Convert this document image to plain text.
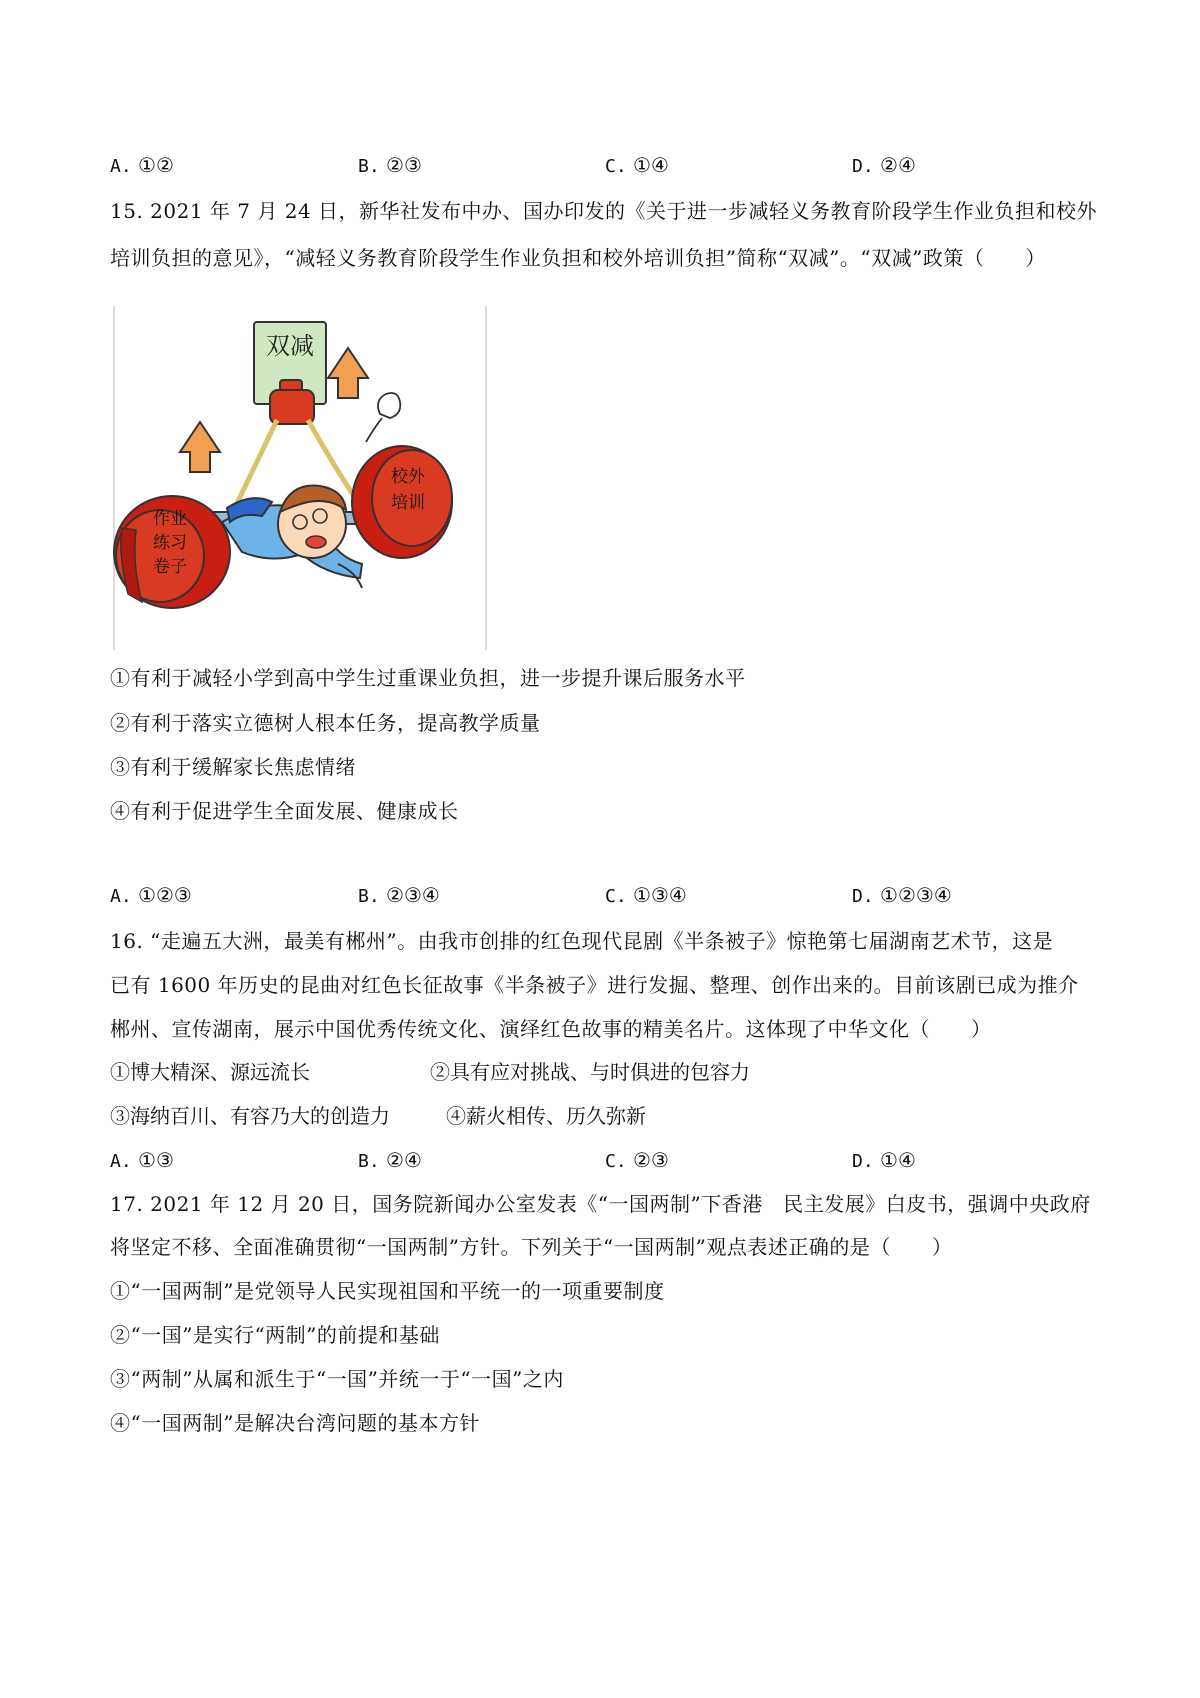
A. ①②	B. ②③	C. ①④	D. ②④
15. 2021 年 7 月 24 日，新华社发布中办、国办印发的《关于进一步减轻义务教育阶段学生作业负担和校外
培训负担的意见》，“减轻义务教育阶段学生作业负担和校外培训负担”简称“双减”。“双减”政策（　　）
双减
作业
练习
卷子
校外
培训
①有利于减轻小学到高中学生过重课业负担，进一步提升课后服务水平
②有利于落实立德树人根本任务，提高教学质量
③有利于缓解家长焦虑情绪
④有利于促进学生全面发展、健康成长
A. ①②③	B. ②③④	C. ①③④	D. ①②③④
16. “走遍五大洲，最美有郴州”。由我市创排的红色现代昆剧《半条被子》惊艳第七届湖南艺术节，这是
已有 1600 年历史的昆曲对红色长征故事《半条被子》进行发掘、整理、创作出来的。目前该剧已成为推介
郴州、宣传湖南，展示中国优秀传统文化、演绎红色故事的精美名片。这体现了中华文化（　　）
①博大精深、源远流长	②具有应对挑战、与时俱进的包容力
③海纳百川、有容乃大的创造力	④薪火相传、历久弥新
A. ①③	B. ②④	C. ②③	D. ①④
17. 2021 年 12 月 20 日，国务院新闻办公室发表《“一国两制”下香港　民主发展》白皮书，强调中央政府
将坚定不移、全面准确贯彻“一国两制”方针。下列关于“一国两制”观点表述正确的是（　　）
①“一国两制”是党领导人民实现祖国和平统一的一项重要制度
②“一国”是实行“两制”的前提和基础
③“两制”从属和派生于“一国”并统一于“一国”之内
④“一国两制”是解决台湾问题的基本方针
